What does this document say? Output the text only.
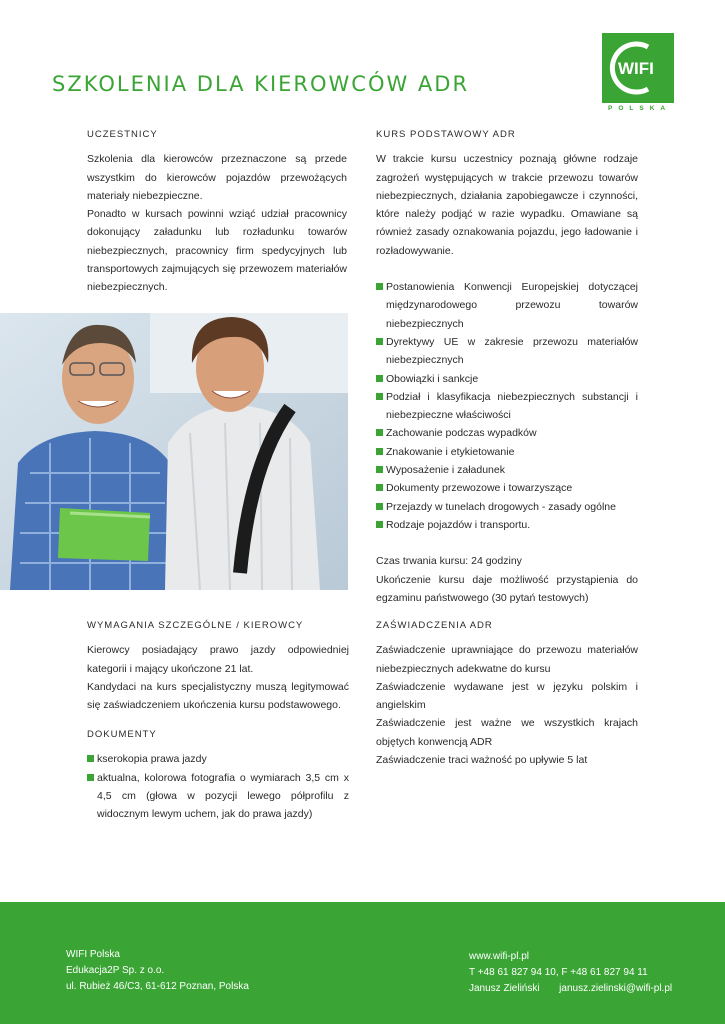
SZKOLENIA DLA KIEROWCÓW ADR
WIFI
POLSKA
UCZESTNICY

Szkolenia dla kierowców przeznaczone są przede wszystkim do kierowców pojazdów przewożących materiały niebezpieczne.

Ponadto w kursach powinni wziąć udział pracownicy dokonujący załadunku lub rozładunku towarów niebezpiecznych, pracownicy firm spedycyjnych lub transportowych zajmujących się przewozem materiałów niebezpiecznych.

KURS PODSTAWOWY ADR

W trakcie kursu uczestnicy poznają główne rodzaje zagrożeń występujących w trakcie przewozu towarów niebezpiecznych, działania zapobiegawcze i czynności, które należy podjąć w razie wypadku. Omawiane są również zasady oznakowania pojazdu, jego ładowanie i rozładowywanie.

Postanowienia Konwencji Europejskiej dotyczącej międzynarodowego przewozu towarów niebezpiecznych
Dyrektywy UE w zakresie przewozu materiałów niebezpiecznych
Obowiązki i sankcje
Podział i klasyfikacja niebezpiecznych substancji i niebezpieczne właściwości
Zachowanie podczas wypadków
Znakowanie i etykietowanie
Wyposażenie i załadunek
Dokumenty przewozowe i towarzyszące
Przejazdy w tunelach drogowych - zasady ogólne
Rodzaje pojazdów i transportu.

Czas trwania kursu: 24 godziny

Ukończenie kursu daje możliwość przystąpienia do egzaminu państwowego (30 pytań testowych)

WYMAGANIA SZCZEGÓLNE / KIEROWCY

Kierowcy posiadający prawo jazdy odpowiedniej kategorii i mający ukończone 21 lat.

Kandydaci na kurs specjalistyczny muszą legitymować się zaświadczeniem ukończenia kursu podstawowego.

DOKUMENTY
kserokopia prawa jazdy
aktualna, kolorowa fotografia o wymiarach 3,5 cm x 4,5 cm (głowa w pozycji lewego półprofilu z widocznym lewym uchem, jak do prawa jazdy)
ZAŚWIADCZENIA ADR

Zaświadczenie uprawniające do przewozu materiałów niebezpiecznych adekwatne do kursu

Zaświadczenie wydawane jest w języku polskim i angielskim

Zaświadczenie jest ważne we wszystkich krajach objętych konwencją ADR

Zaświadczenie traci ważność po upływie 5 lat

WIFI Polska
Edukacja2P Sp. z o.o.
ul. Rubież 46/C3, 61-612 Poznan, Polska
www.wifi-pl.pl
T +48 61 827 94 10, F +48 61 827 94 11
Janusz Zieliński janusz.zielinski@wifi-pl.pl
